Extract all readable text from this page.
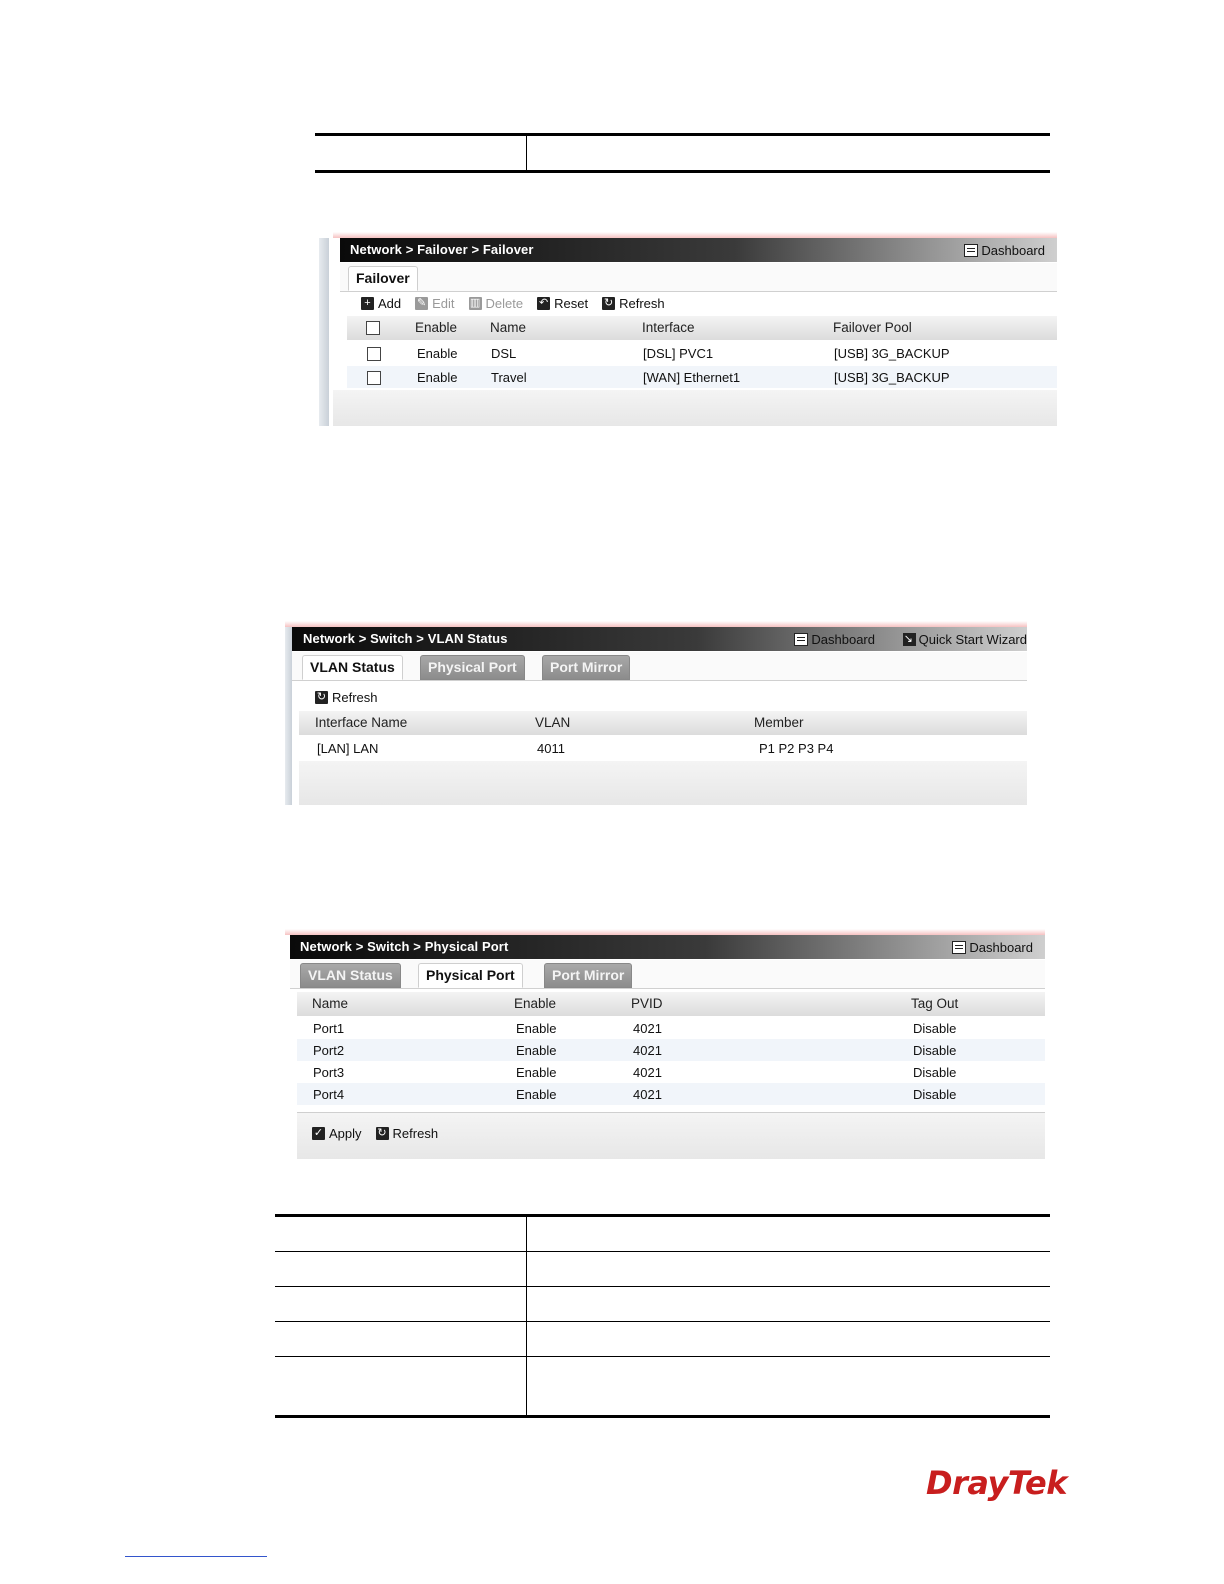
Network > Failover > Failover	Dashboard
Failover
+ Add ✎ Edit ▥ Delete ↶ Reset ↻ Refresh
Enable Name	Interface	Failover Pool
Enable	DSL	[DSL] PVC1	[USB] 3G_BACKUP
Enable	Travel	[WAN] Ethernet1	[USB] 3G_BACKUP
Network > Switch > VLAN Status	Dashboard
↘	Quick Start Wizard
VLAN Status	Physical Port	Port Mirror
↻ Refresh
Interface Name	VLAN	Member
[LAN] LAN	4011	P1 P2 P3 P4
Network > Switch > Physical Port	Dashboard
VLAN Status	Physical Port	Port Mirror
Name	Enable	PVID	Tag Out
Port1	Enable	4021	Disable
Port2	Enable	4021	Disable
Port3	Enable	4021	Disable
Port4	Enable	4021	Disable
✓ Apply ↻ Refresh

DrayTek
